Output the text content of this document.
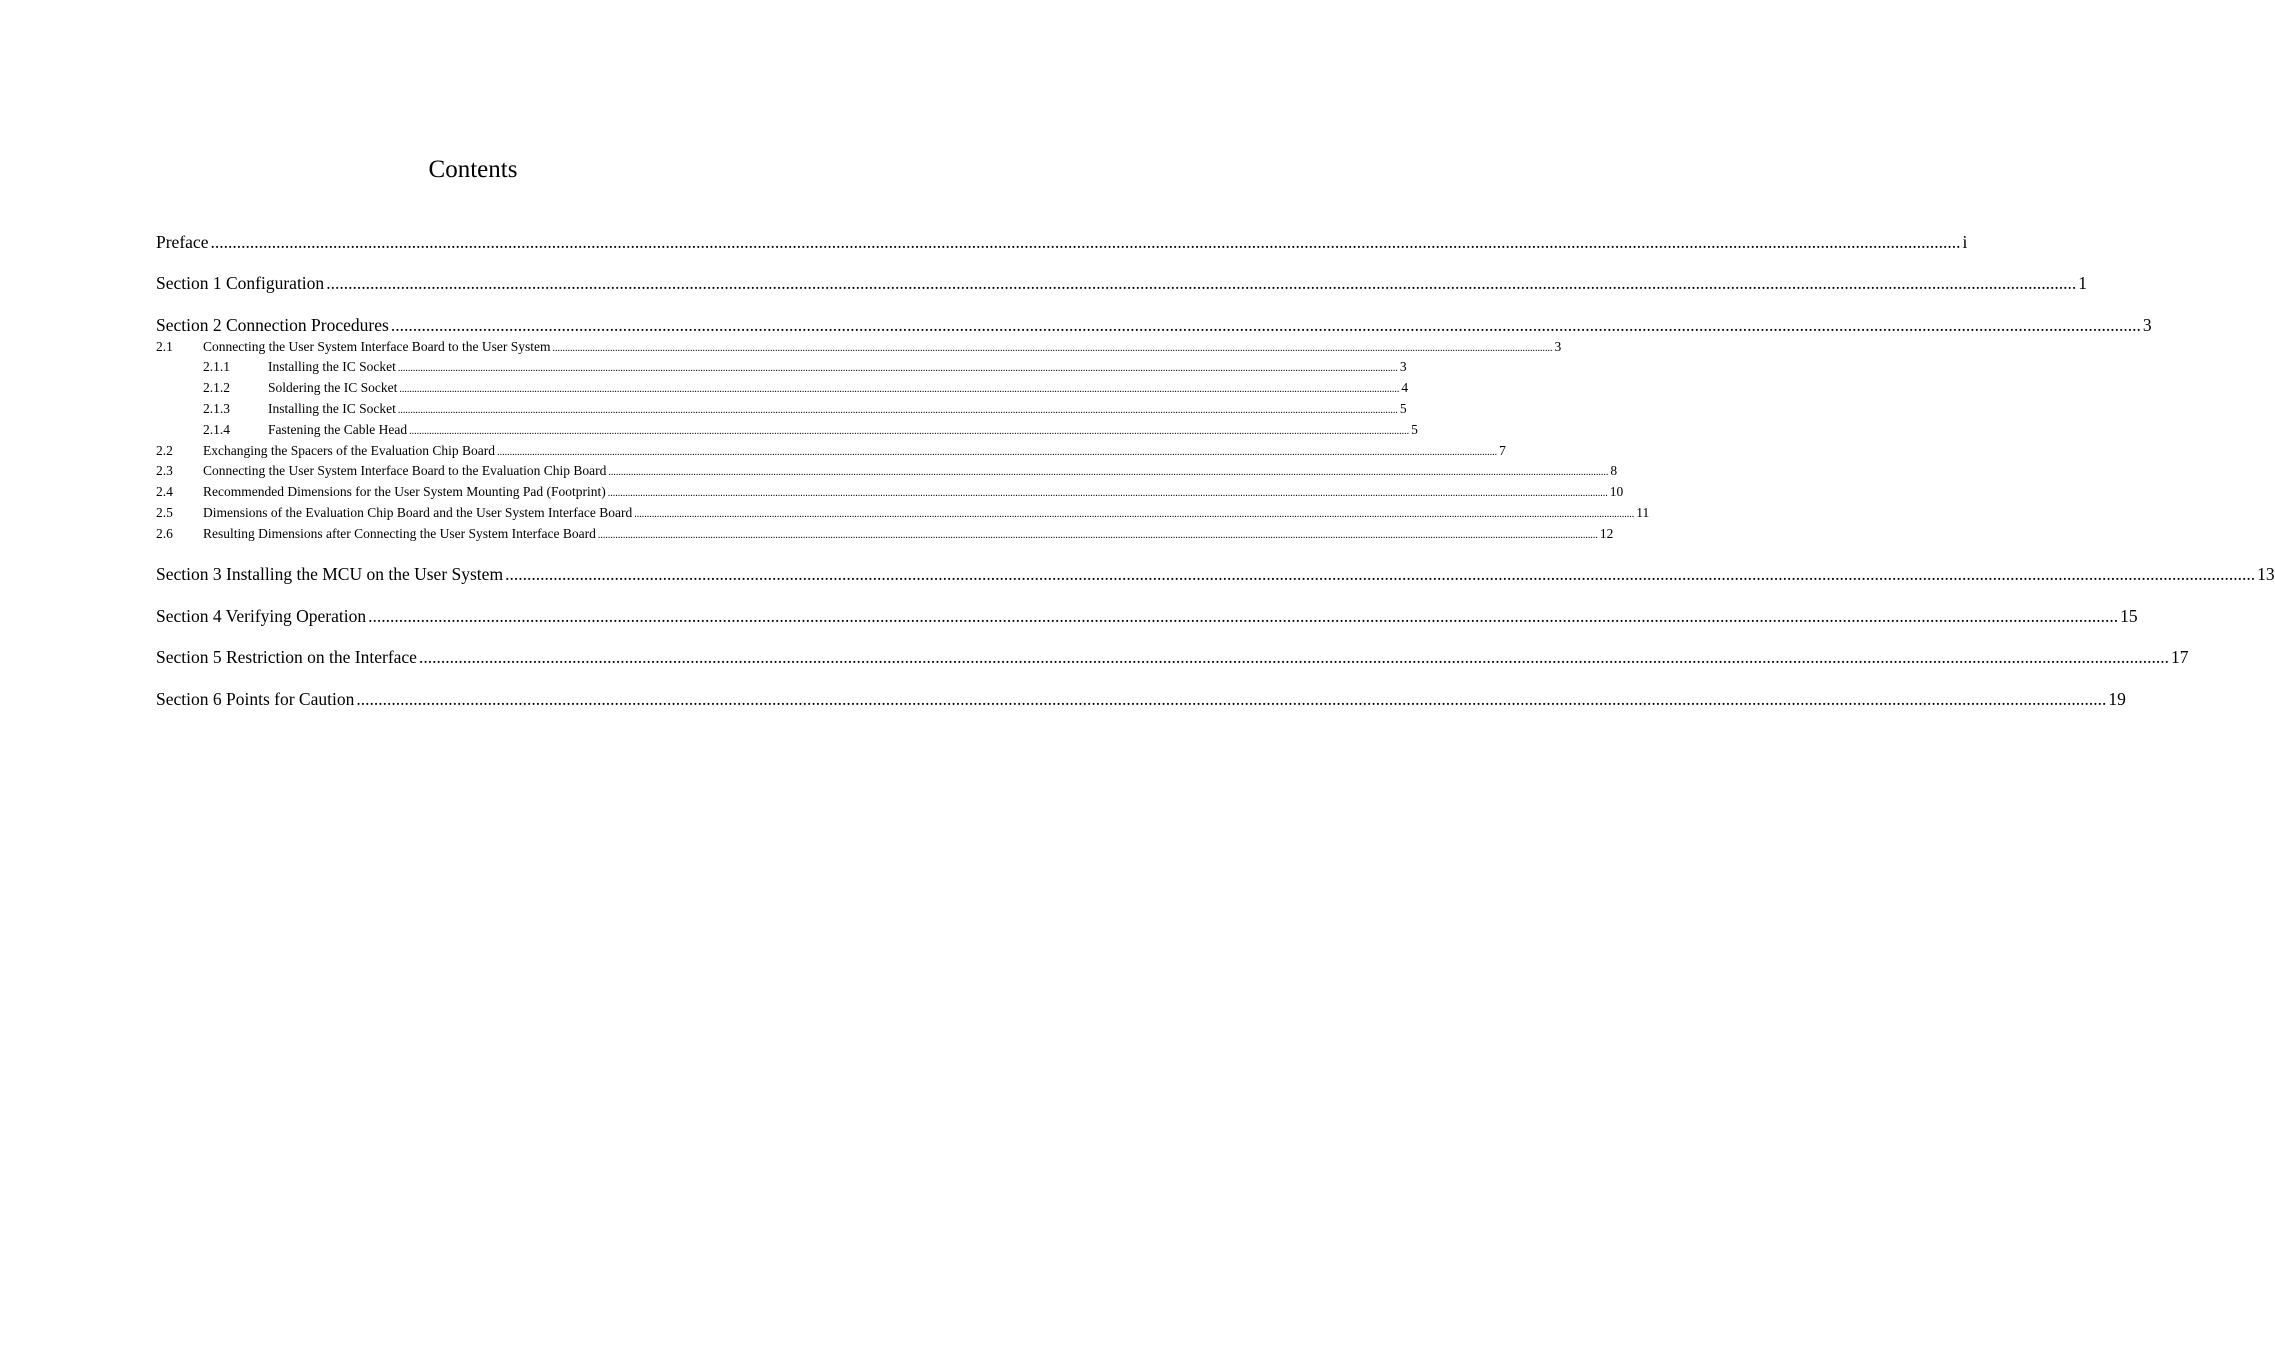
Contents
Preface ................................................................................................................................................................................................................................................................................................................................................................................................................ i
Section 1 Configuration ................................................................................................................................................................................................................................................................................................................................................................................................................ 1
Section 2 Connection Procedures ................................................................................................................................................................................................................................................................................................................................................................................................................ 3
2.1	Connecting the User System Interface Board to the User System ................................................................................................................................................................................................................................................................................................................................................................................................................ 3
2.1.1	Installing the IC Socket ................................................................................................................................................................................................................................................................................................................................................................................................................ 3
2.1.2	Soldering the IC Socket ................................................................................................................................................................................................................................................................................................................................................................................................................ 4
2.1.3	Installing the IC Socket ................................................................................................................................................................................................................................................................................................................................................................................................................ 5
2.1.4	Fastening the Cable Head ................................................................................................................................................................................................................................................................................................................................................................................................................ 5
2.2	Exchanging the Spacers of the Evaluation Chip Board ................................................................................................................................................................................................................................................................................................................................................................................................................ 7
2.3	Connecting the User System Interface Board to the Evaluation Chip Board ................................................................................................................................................................................................................................................................................................................................................................................................................ 8
2.4	Recommended Dimensions for the User System Mounting Pad (Footprint) ................................................................................................................................................................................................................................................................................................................................................................................................................ 10
2.5	Dimensions of the Evaluation Chip Board and the User System Interface Board ................................................................................................................................................................................................................................................................................................................................................................................................................ 11
2.6	Resulting Dimensions after Connecting the User System Interface Board ................................................................................................................................................................................................................................................................................................................................................................................................................ 12
Section 3 Installing the MCU on the User System ................................................................................................................................................................................................................................................................................................................................................................................................................ 13
Section 4 Verifying Operation ................................................................................................................................................................................................................................................................................................................................................................................................................ 15
Section 5 Restriction on the Interface ................................................................................................................................................................................................................................................................................................................................................................................................................ 17
Section 6 Points for Caution ................................................................................................................................................................................................................................................................................................................................................................................................................ 19
